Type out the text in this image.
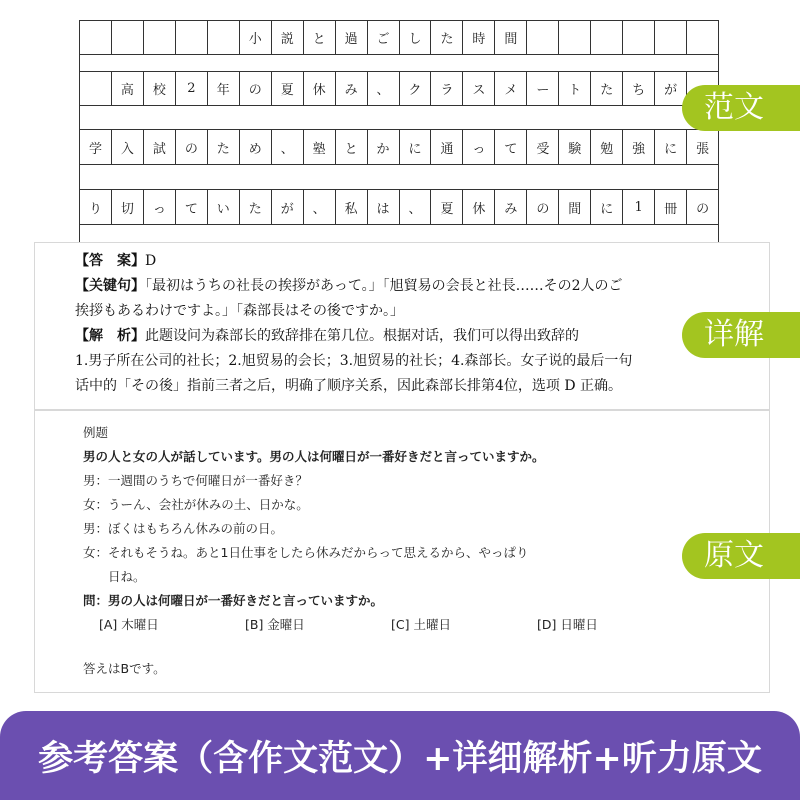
小	説	と	過	ご	し	た	時	間
高	校	2	年	の	夏	休	み	、	ク	ラ	ス	メ	ー	ト	た	ち	が
学	入	試	の	た	め	、	塾	と	か	に	通	っ	て	受	験	勉	強	に	張
り	切	っ	て	い	た	が	、	私	は	、	夏	休	み	の	間	に	1	冊	の
【答　案】D
【关键句】「最初はうちの社長の挨拶があって。」「旭貿易の会長と社長……その2人のご
挨拶もあるわけですよ。」「森部長はその後ですか。」
【解　析】此题设问为森部长的致辞排在第几位。根据对话，我们可以得出致辞的
1.男子所在公司的社长；2.旭贸易的会长；3.旭贸易的社长；4.森部长。女子说的最后一句
话中的「その後」指前三者之后，明确了顺序关系，因此森部长排第4位，选项 D 正确。
例题
男の人と女の人が話しています。男の人は何曜日が一番好きだと言っていますか。
男：一週間のうちで何曜日が一番好き？
女：うーん、会社が休みの土、日かな。
男：ぼくはもちろん休みの前の日。
女：それもそうね。あと1日仕事をしたら休みだからって思えるから、やっぱり
日ね。
問：男の人は何曜日が一番好きだと言っていますか。
[A] 木曜日	[B] 金曜日	[C] 土曜日	[D] 日曜日
答えはBです。
范文
详解
原文
参考答案（含作文范文）+详细解析+听力原文
